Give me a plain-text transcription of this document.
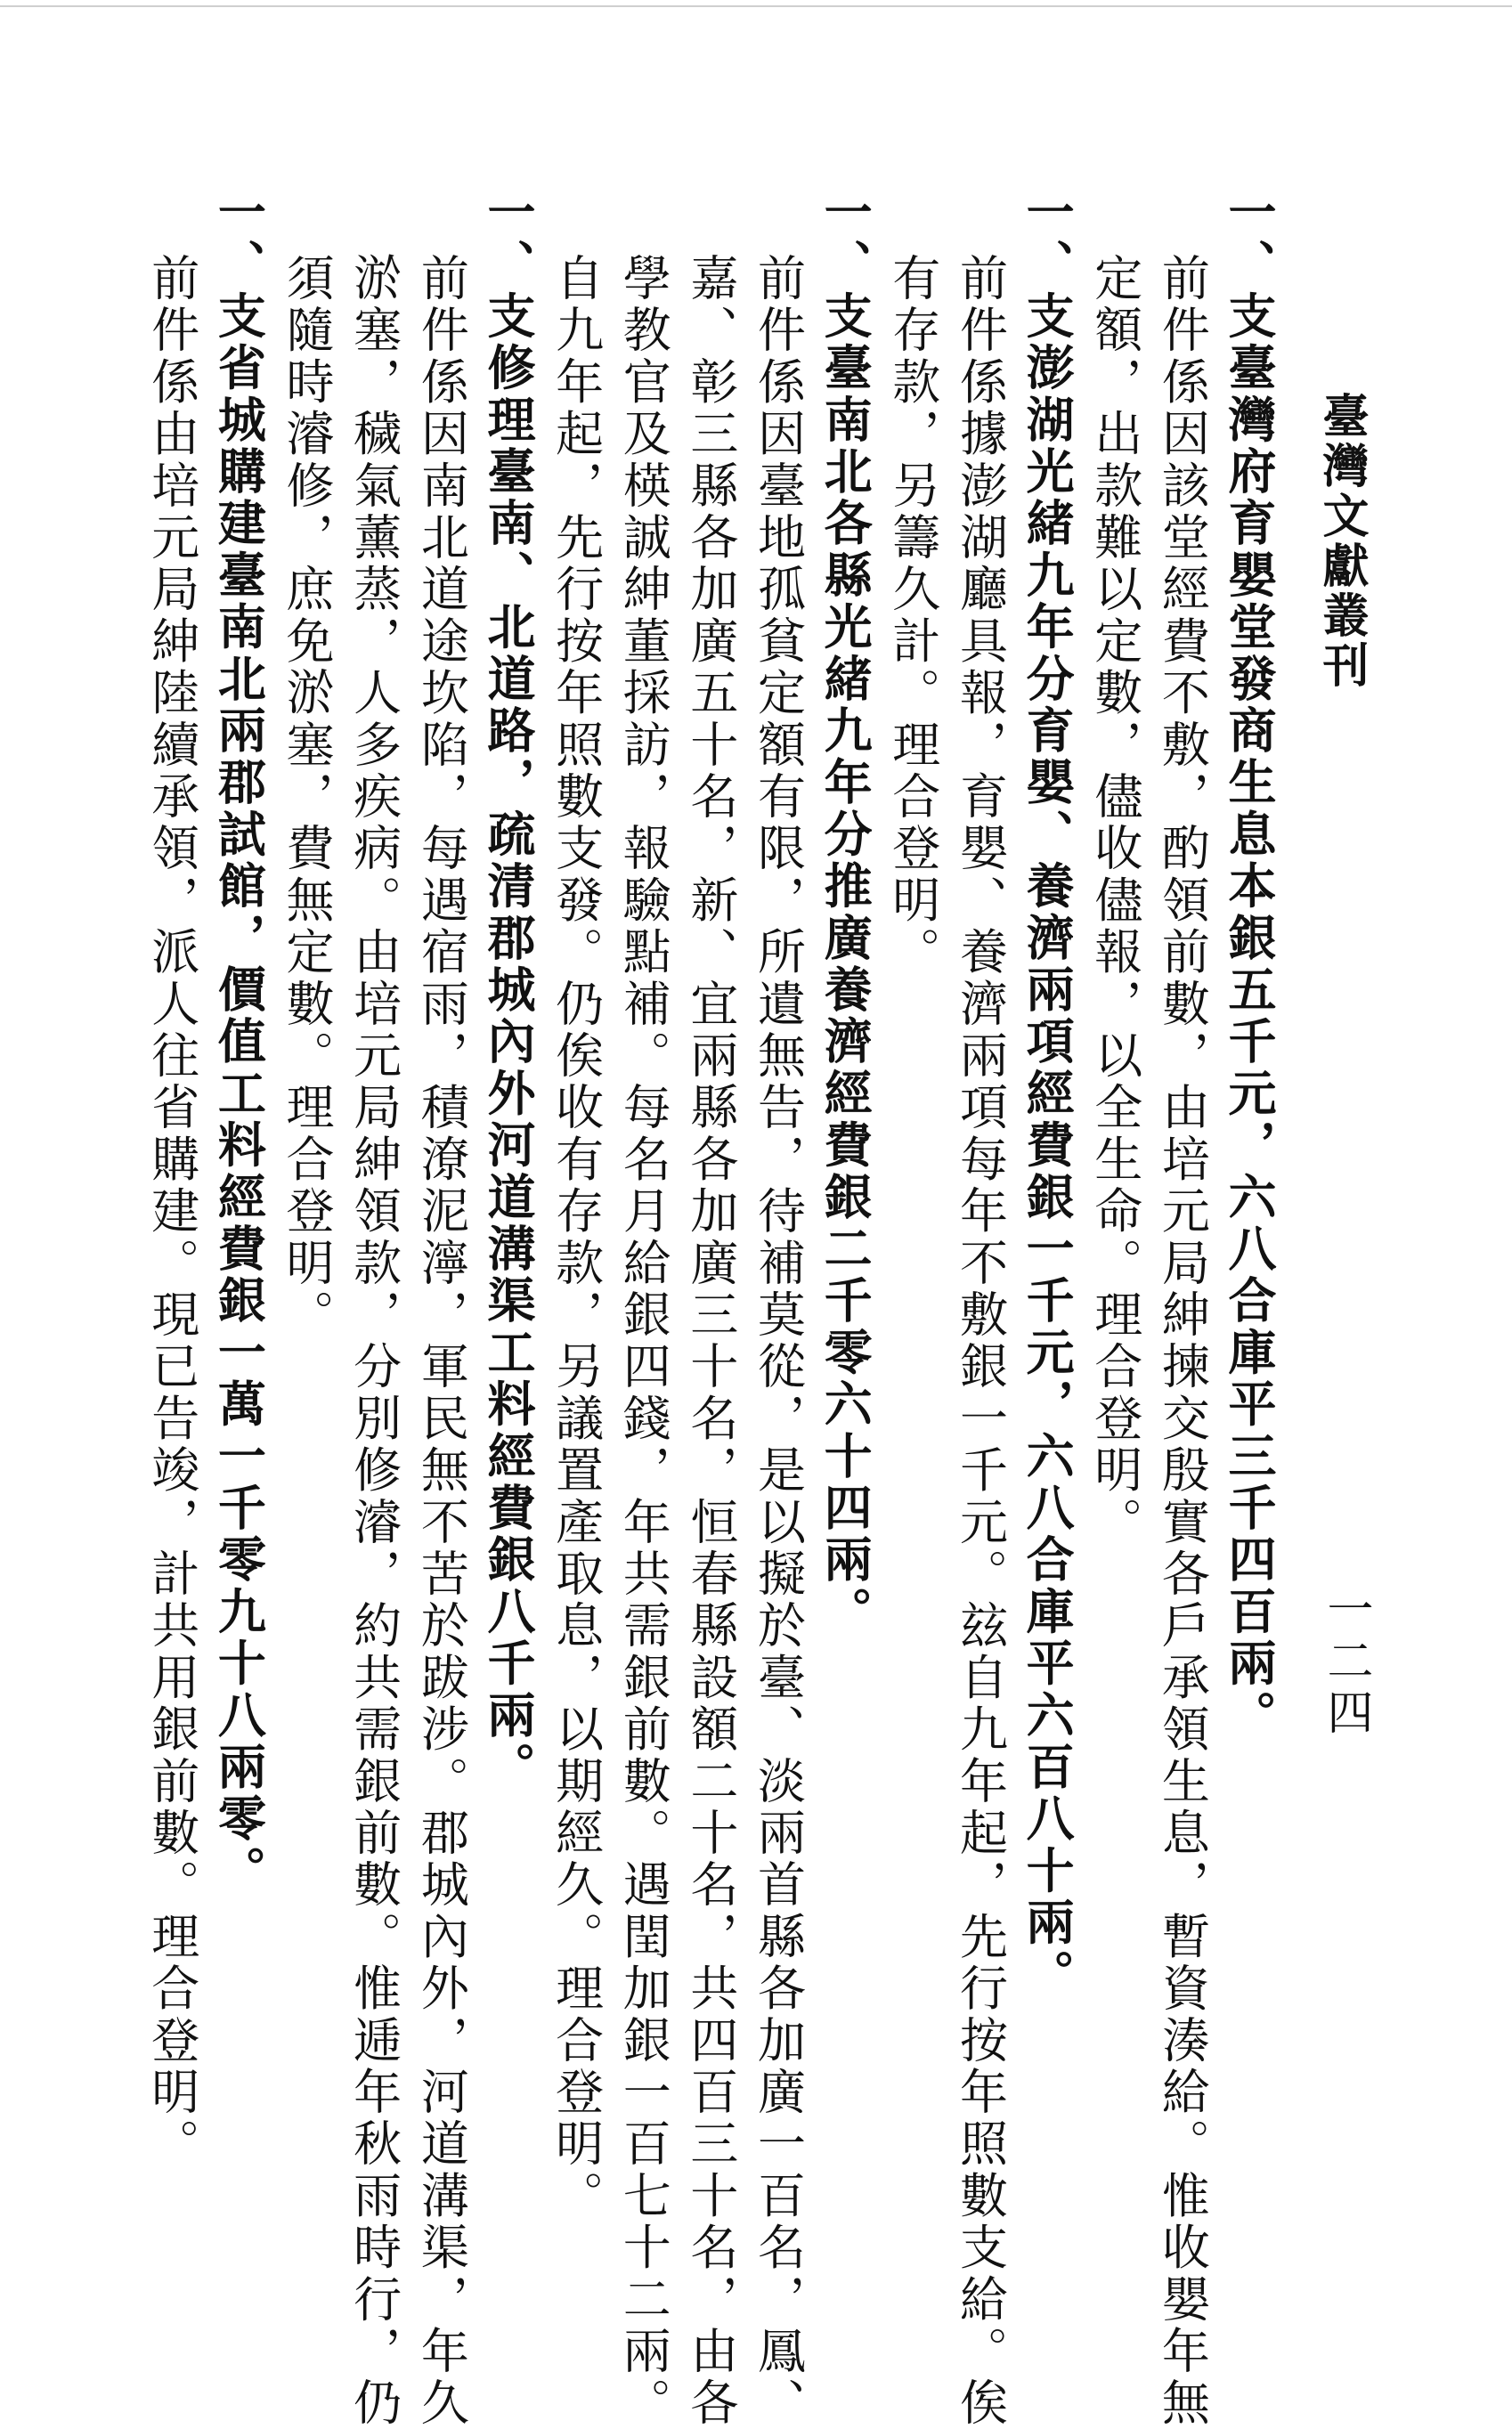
臺灣文獻叢刊
一二四
一、支臺灣府育嬰堂發商生息本銀五千元，六八合庫平三千四百兩。
前件係因該堂經費不敷，酌領前數，由培元局紳揀交殷實各戶承領生息，暫資湊給。惟收嬰年無
定額，出款難以定數，儘收儘報，以全生命。理合登明。
一、支澎湖光緒九年分育嬰、養濟兩項經費銀一千元，六八合庫平六百八十兩。
前件係據澎湖廳具報，育嬰、養濟兩項每年不敷銀一千元。玆自九年起，先行按年照數支給。俟
有存款，另籌久計。理合登明。
一、支臺南北各縣光緒九年分推廣養濟經費銀二千零六十四兩。
前件係因臺地孤貧定額有限，所遺無告，待補莫從，是以擬於臺、淡兩首縣各加廣一百名，鳳、
嘉、彰三縣各加廣五十名，新、宜兩縣各加廣三十名，恒春縣設額二十名，共四百三十名，由各
學教官及楧誠紳董採訪，報驗點補。每名月給銀四錢，年共需銀前數。遇閏加銀一百七十二兩。
自九年起，先行按年照數支發。仍俟收有存款，另議置產取息，以期經久。理合登明。
一、支修理臺南、北道路，疏清郡城內外河道溝渠工料經費銀八千兩。
前件係因南北道途坎陷，每遇宿雨，積潦泥濘，軍民無不苦於跋涉。郡城內外，河道溝渠，年久
淤塞，穢氣薰蒸，人多疾病。由培元局紳領款，分別修濬，約共需銀前數。惟逓年秋雨時行，仍
須隨時濬修，庶免淤塞，費無定數。理合登明。
一、支省城購建臺南北兩郡試館，價值工料經費銀一萬一千零九十八兩零。
前件係由培元局紳陸續承領，派人往省購建。現已告竣，計共用銀前數。理合登明。
